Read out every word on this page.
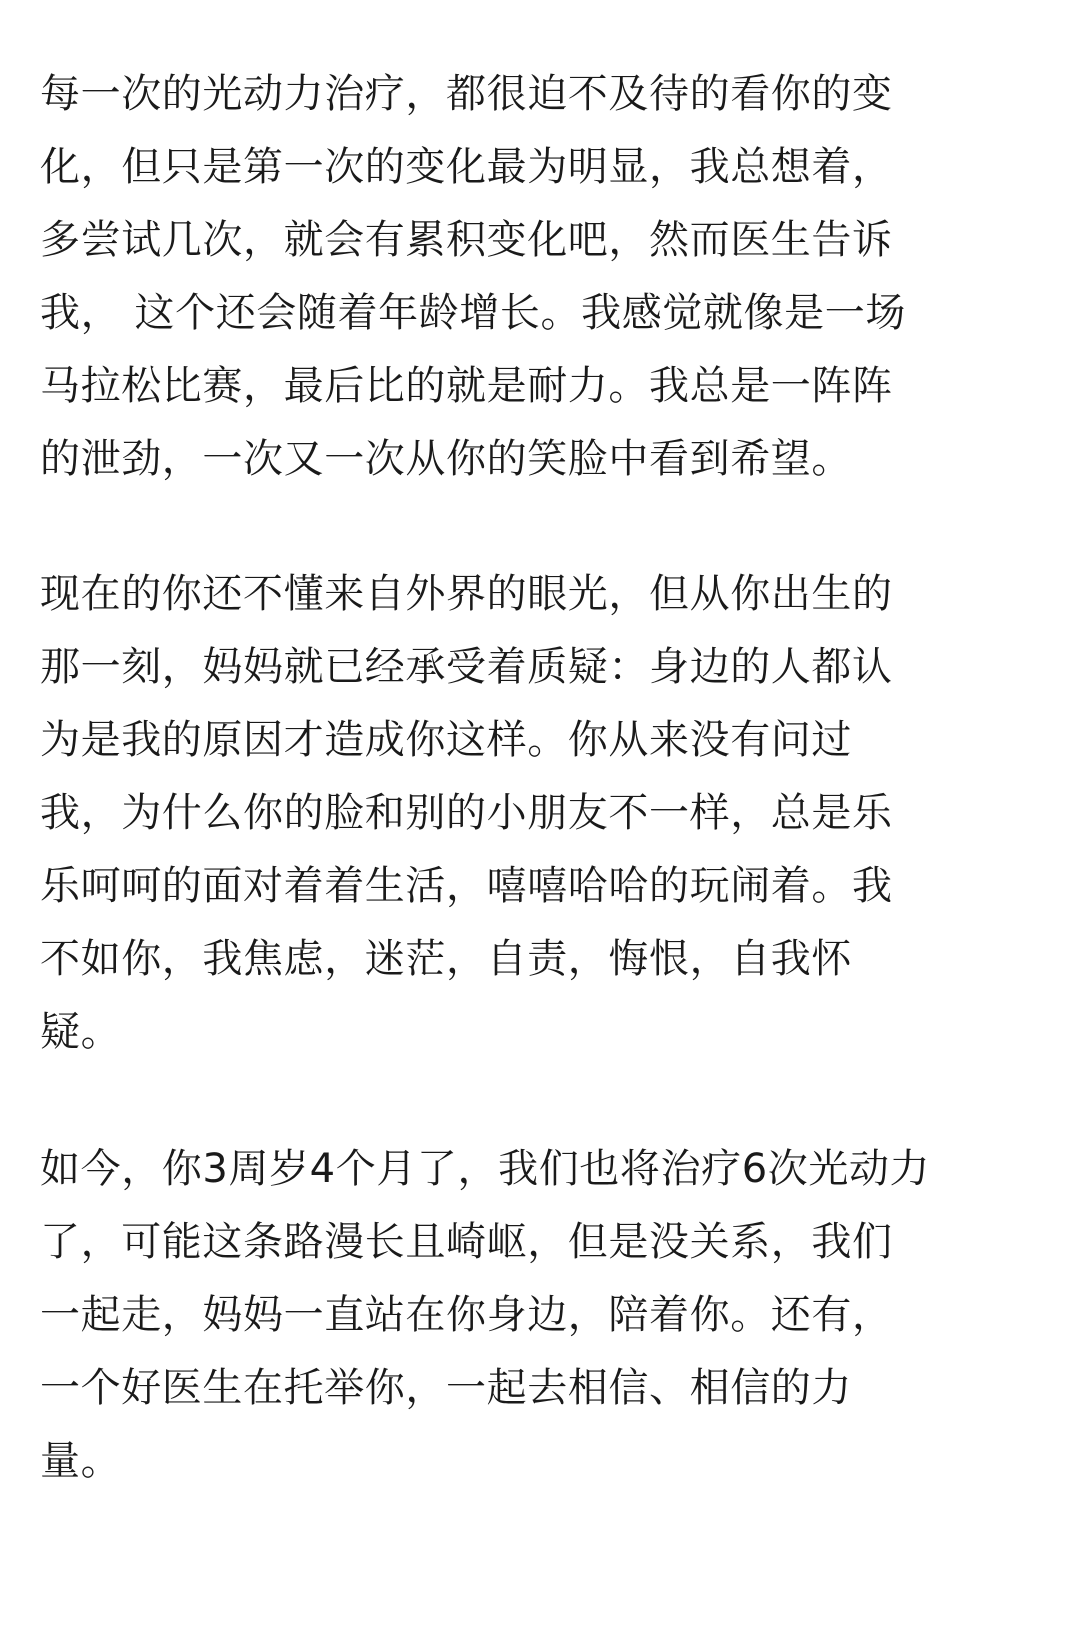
每一次的光动力治疗，都很迫不及待的看你的变
化，但只是第一次的变化最为明显，我总想着，
多尝试几次，就会有累积变化吧，然而医生告诉
我， 这个还会随着年龄增长。我感觉就像是一场
马拉松比赛，最后比的就是耐力。我总是一阵阵
的泄劲，一次又一次从你的笑脸中看到希望。

现在的你还不懂来自外界的眼光，但从你出生的
那一刻，妈妈就已经承受着质疑：身边的人都认
为是我的原因才造成你这样。你从来没有问过
我，为什么你的脸和别的小朋友不一样，总是乐
乐呵呵的面对着着生活，嘻嘻哈哈的玩闹着。我
不如你，我焦虑，迷茫，自责，悔恨，自我怀
疑。

如今，你3周岁4个月了，我们也将治疗6次光动力
了，可能这条路漫长且崎岖，但是没关系，我们
一起走，妈妈一直站在你身边，陪着你。还有，
一个好医生在托举你，一起去相信、相信的力
量。
